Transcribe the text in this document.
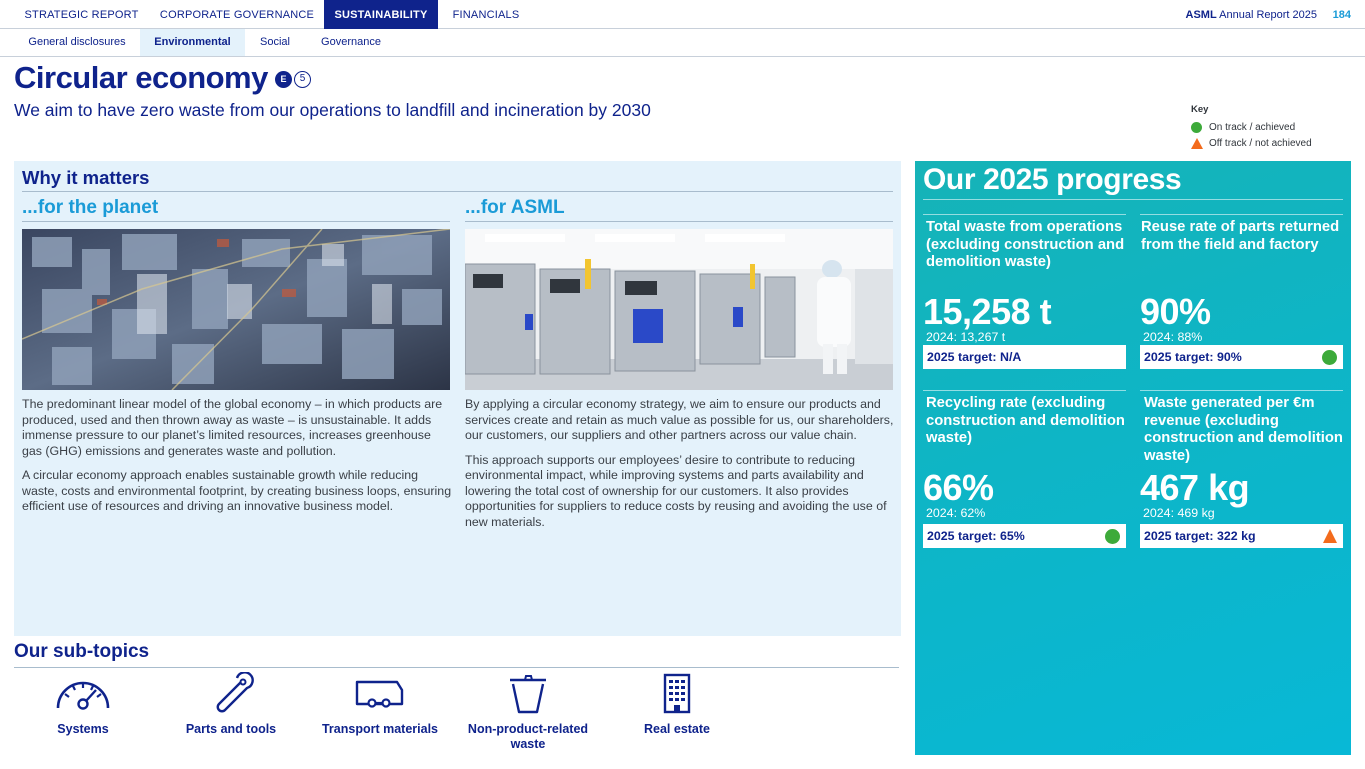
STRATEGIC REPORT	CORPORATE GOVERNANCE	SUSTAINABILITY	FINANCIALS	ASML Annual Report 2025 184
General disclosures	Environmental	Social	Governance
Circular economy	E	5
We aim to have zero waste from our operations to landfill and incineration by 2030	Key
On track / achieved
Off track / not achieved
Why it matters
...for the planet	...for ASML

The predominant linear model of the global economy – in which products are produced, used and then thrown away as waste – is unsustainable. It adds immense pressure to our planet’s limited resources, increases greenhouse gas (GHG) emissions and generates waste and pollution.

A circular economy approach enables sustainable growth while reducing waste, costs and environmental footprint, by creating business loops, ensuring efficient use of resources and driving an innovative business model.

By applying a circular economy strategy, we aim to ensure our products and services create and retain as much value as possible for us, our shareholders, our customers, our suppliers and other partners across our value chain.

This approach supports our employees’ desire to contribute to reducing environmental impact, while improving systems and parts availability and lowering the total cost of ownership for our customers. It also provides opportunities for suppliers to reduce costs by reusing and avoiding the use of new materials.

Our sub-topics
Systems	Parts and tools	Transport materials	Non-product-related waste
Real estate
Our 2025 progress
Total waste from operations (excluding construction and demolition waste)
15,258 t
2024: 13,267 t
2025 target: N/A
Reuse rate of parts returned from the field and factory
90%
2024: 88%
2025 target: 90%
Recycling rate (excluding construction and demolition waste)
66%
2024: 62%
2025 target: 65%
Waste generated per €m revenue (excluding construction and demolition waste)
467 kg
2024: 469 kg
2025 target: 322 kg
